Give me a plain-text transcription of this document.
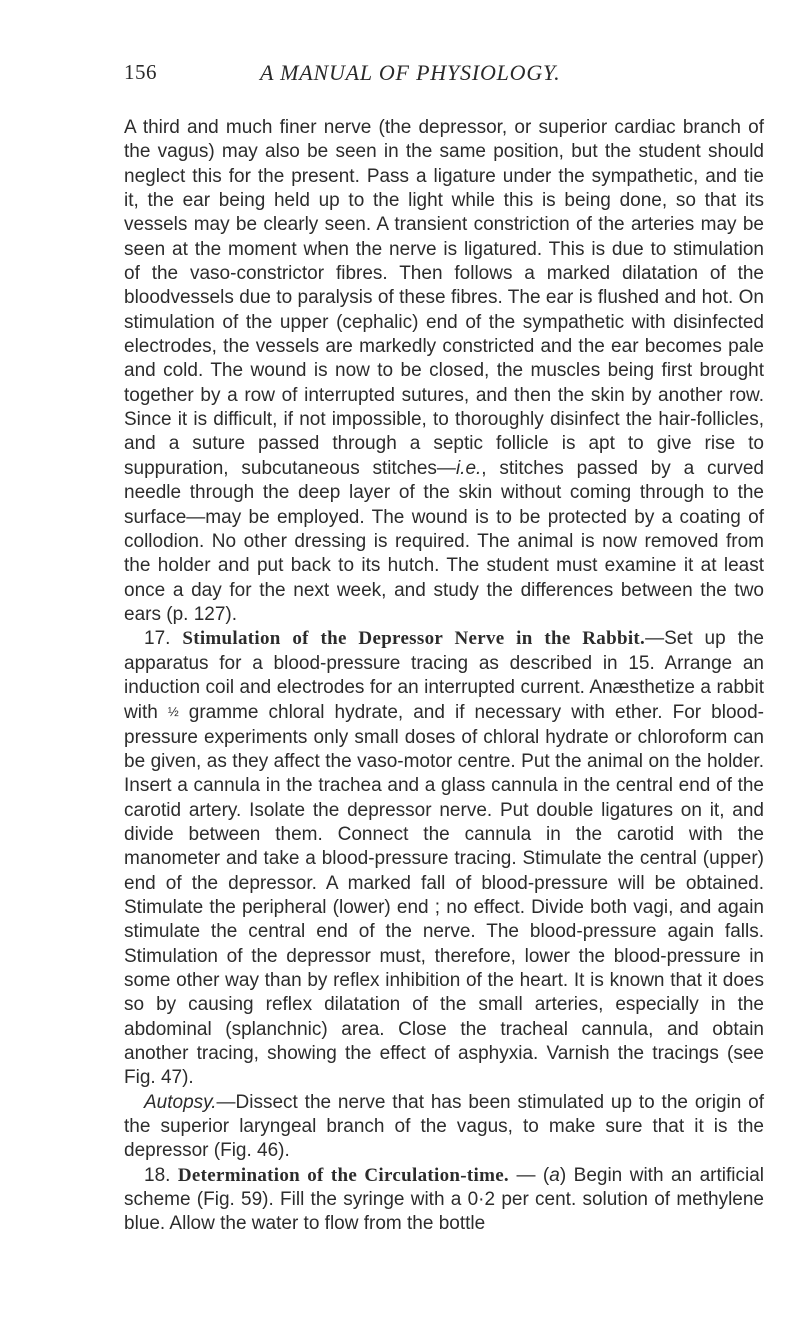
156	A MANUAL OF PHYSIOLOGY.

A third and much finer nerve (the depressor, or superior cardiac branch of the vagus) may also be seen in the same position, but the student should neglect this for the present. Pass a ligature under the sympathetic, and tie it, the ear being held up to the light while this is being done, so that its vessels may be clearly seen. A transient constriction of the arteries may be seen at the moment when the nerve is ligatured. This is due to stimulation of the vaso-constrictor fibres. Then follows a marked dilatation of the bloodvessels due to paralysis of these fibres. The ear is flushed and hot. On stimulation of the upper (cephalic) end of the sympathetic with disinfected electrodes, the vessels are markedly constricted and the ear becomes pale and cold. The wound is now to be closed, the muscles being first brought together by a row of interrupted sutures, and then the skin by another row. Since it is difficult, if not impossible, to thoroughly disinfect the hair-follicles, and a suture passed through a septic follicle is apt to give rise to suppuration, subcutaneous stitches—i.e., stitches passed by a curved needle through the deep layer of the skin without coming through to the surface—may be employed. The wound is to be protected by a coating of collodion. No other dressing is required. The animal is now removed from the holder and put back to its hutch. The student must examine it at least once a day for the next week, and study the differences between the two ears (p. 127).

17. Stimulation of the Depressor Nerve in the Rabbit.—Set up the apparatus for a blood-pressure tracing as described in 15. Arrange an induction coil and electrodes for an interrupted current. Anæsthetize a rabbit with ½ gramme chloral hydrate, and if necessary with ether. For blood-pressure experiments only small doses of chloral hydrate or chloroform can be given, as they affect the vaso-motor centre. Put the animal on the holder. Insert a cannula in the trachea and a glass cannula in the central end of the carotid artery. Isolate the depressor nerve. Put double ligatures on it, and divide between them. Connect the cannula in the carotid with the manometer and take a blood-pressure tracing. Stimulate the central (upper) end of the depressor. A marked fall of blood-pressure will be obtained. Stimulate the peripheral (lower) end ; no effect. Divide both vagi, and again stimulate the central end of the nerve. The blood-pressure again falls. Stimulation of the depressor must, therefore, lower the blood-pressure in some other way than by reflex inhibition of the heart. It is known that it does so by causing reflex dilatation of the small arteries, especially in the abdominal (splanchnic) area. Close the tracheal cannula, and obtain another tracing, showing the effect of asphyxia. Varnish the tracings (see Fig. 47).

Autopsy.—Dissect the nerve that has been stimulated up to the origin of the superior laryngeal branch of the vagus, to make sure that it is the depressor (Fig. 46).

18. Determination of the Circulation-time. — (a) Begin with an artificial scheme (Fig. 59). Fill the syringe with a 0·2 per cent. solution of methylene blue. Allow the water to flow from the bottle
